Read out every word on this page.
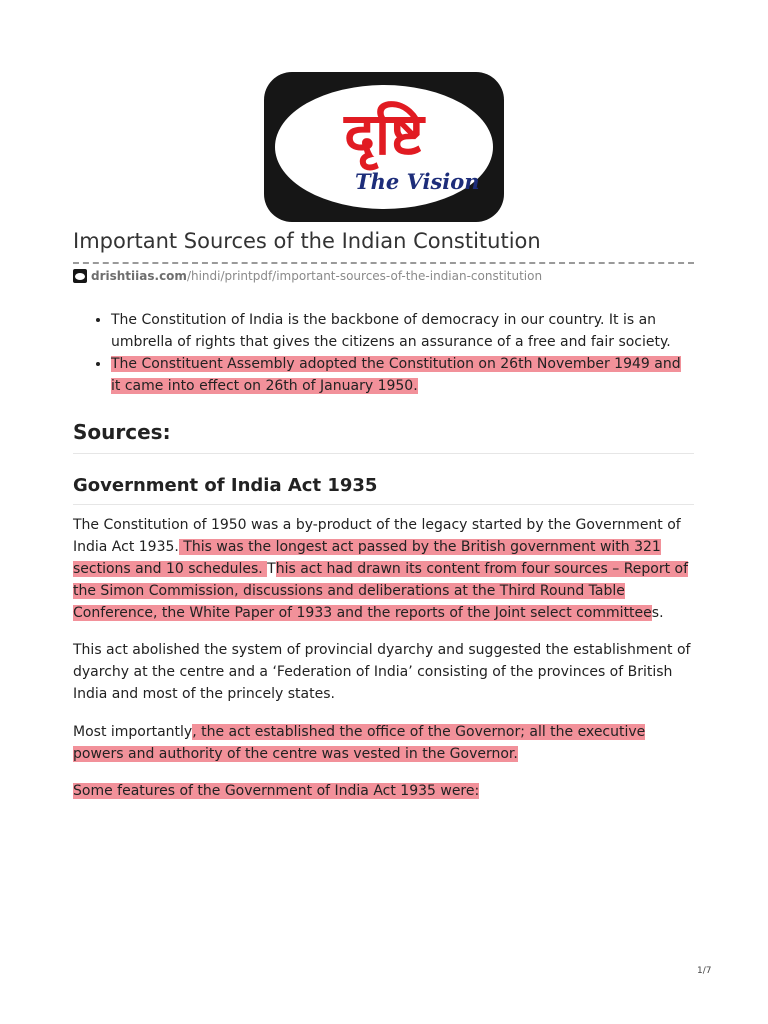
दृष्टि
The Vision
Important Sources of the Indian Constitution
drishtiias.com /hindi/printpdf/important-sources-of-the-indian-constitution
• The Constitution of India is the backbone of democracy in our country. It is an umbrella of rights that gives the citizens an assurance of a free and fair society.
• The Constituent Assembly adopted the Constitution on 26th November 1949 and it came into effect on 26th of January 1950.
Sources:
Government of India Act 1935

The Constitution of 1950 was a by-product of the legacy started by the Government of India Act 1935. This was the longest act passed by the British government with 321 sections and 10 schedules. This act had drawn its content from four sources – Report of the Simon Commission, discussions and deliberations at the Third Round Table Conference, the White Paper of 1933 and the reports of the Joint select committees.

This act abolished the system of provincial dyarchy and suggested the establishment of dyarchy at the centre and a ‘Federation of India’ consisting of the provinces of British India and most of the princely states.

Most importantly, the act established the office of the Governor; all the executive powers and authority of the centre was vested in the Governor.

Some features of the Government of India Act 1935 were:

1/7
